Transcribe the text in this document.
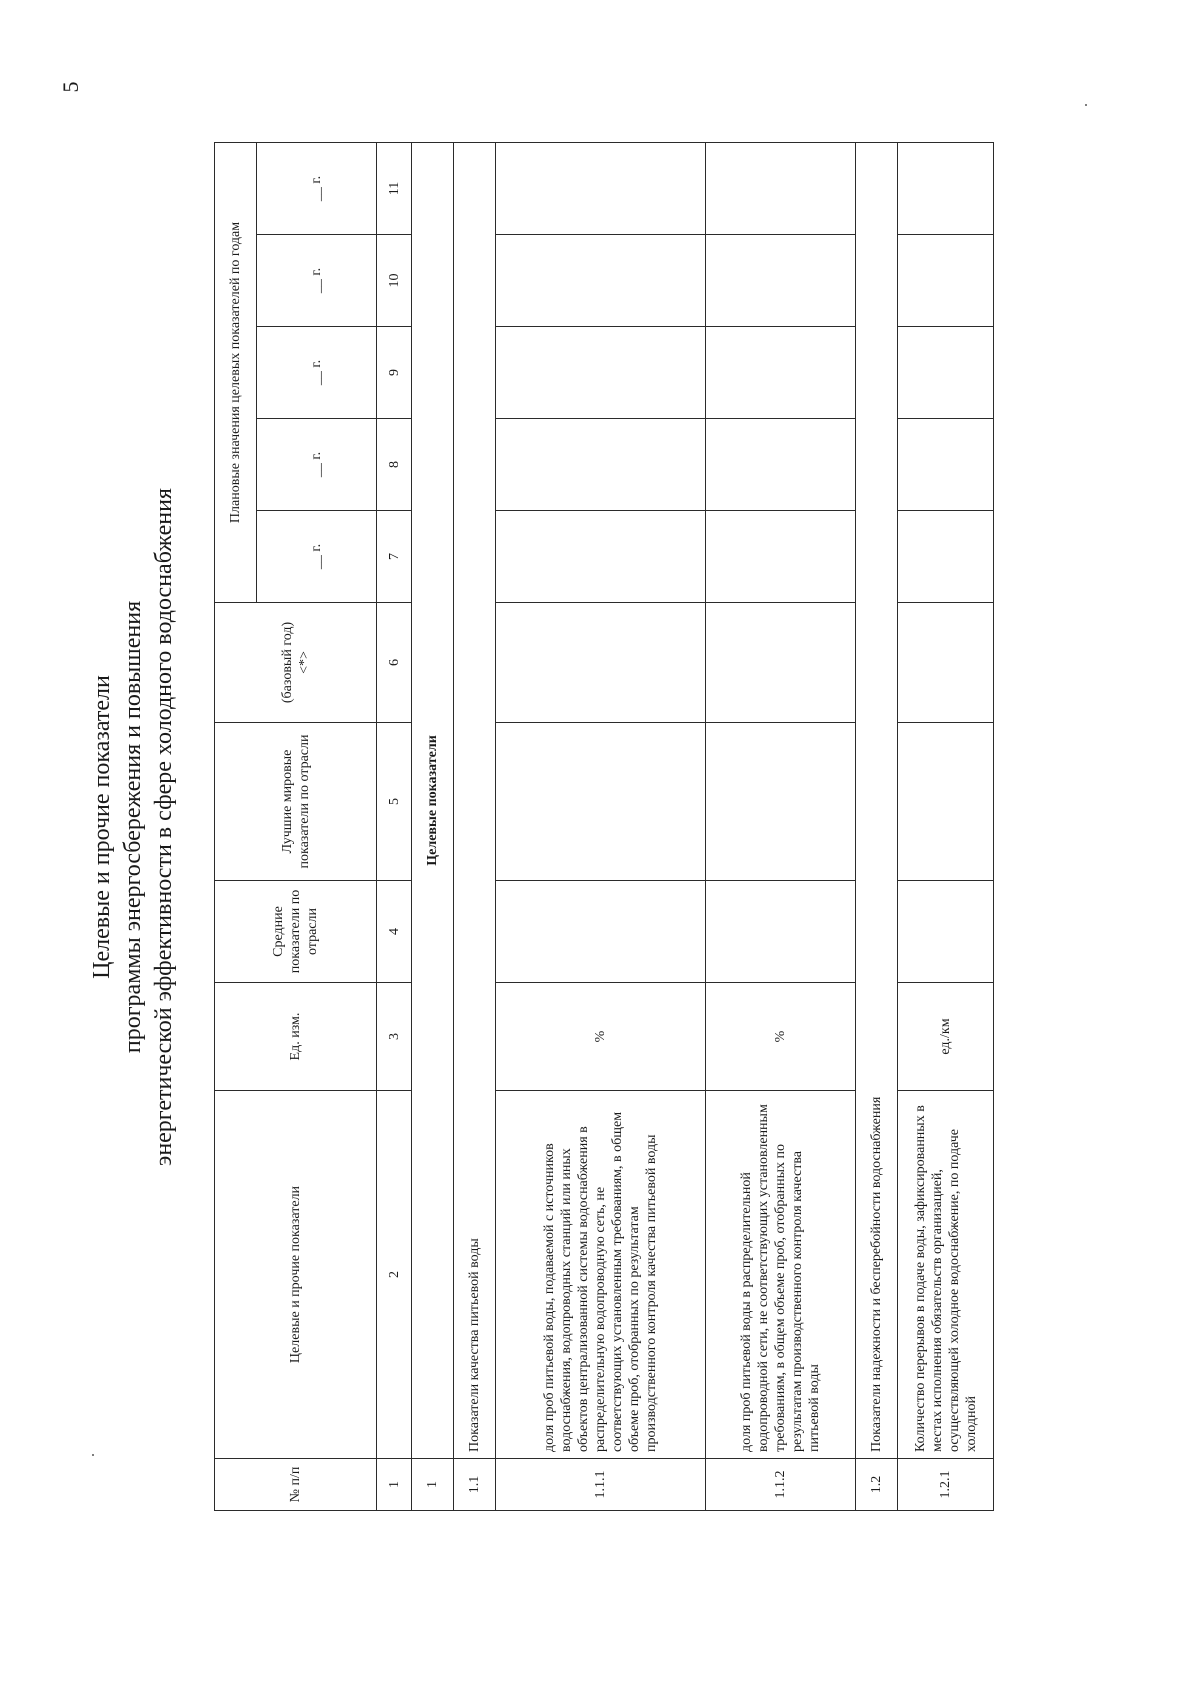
5
Целевые и прочие показатели программы энергосбережения и повышения энергетической эффективности в сфере холодного водоснабжения
№ п/п	Целевые и прочие показатели	Ед. изм.	Средние показатели по отрасли	Лучшие мировые показатели по отрасли	(базовый год) <*>	Плановые значения целевых показателей по годам				
						__ г.	__ г.	__ г.	__ г.	__ г.
1	2	3	4	5	6	7	8	9	10	11
1	Целевые показатели									
1.1	Показатели качества питьевой воды									
1.1.1	доля проб питьевой воды, подаваемой с источников водоснабжения, водопроводных станций или иных объектов централизованной системы водоснабжения в распределительную водопроводную сеть, не соответствующих установленным требованиям, в общем объеме проб, отобранных по результатам производственного контроля качества питьевой воды	%								
1.1.2	доля проб питьевой воды в распределительной водопроводной сети, не соответствующих установленным требованиям, в общем объеме проб, отобранных по результатам производственного контроля качества питьевой воды	%								
1.2	Показатели надежности и бесперебойности водоснабжения									
1.2.1	Количество перерывов в подаче воды, зафиксированных в местах исполнения обязательств организацией, осуществляющей холодное водоснабжение, по подаче холодной	ед./км								
